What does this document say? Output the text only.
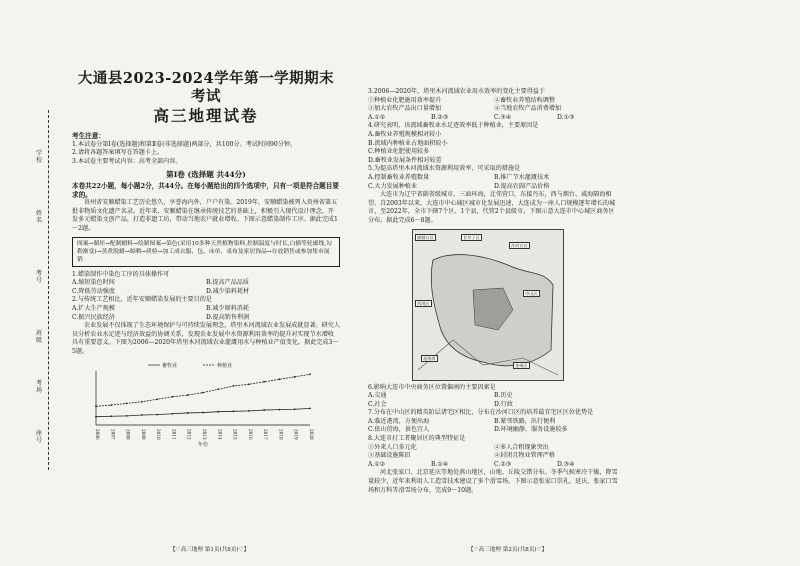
学校
姓名
考号
班级
考场
座号
大通县2023-2024学年第一学期期末考试
高三地理试卷
考生注意：

1.本试卷分第Ⅰ卷(选择题)和第Ⅱ卷(非选择题)两部分，共100分。考试时间90分钟。

2.请将各题答案填写在答题卡上。

3.本试卷主要考试内容：高考全部内容。

第Ⅰ卷 (选择题 共44分)

本卷共22小题，每小题2分，共44分。在每小题给出的四个选项中，只有一项是符合题目要求的。

贵州省安顺蜡染工艺历史悠久，享誉海内外，户户有染。2019年，安顺蜡染被列入贵州省第五批非物质文化遗产名录。近年来，安顺蜡染在继承传统技艺的基础上，积极引入现代设计理念，开发多元蜡染文创产品，打造非遗工坊，带动当地农户就业增收。下图示意蜡染制作工序。据此完成1～2题。

图案→制坯→配制蜡料→绘制图案→染色(采用10多种天然植物染料,控制温度与时长,白描等轮廓线,勾勒渐变)→蒸煮脱蜡→晾晒→质检→加工成衣服、包、床单、桌布及家居饰品→存放销售或参加集市展销

1.蜡染制作中染色工序的具体操作可

A.缩短染色时间	B.提高产品品质
C.降低劳动强度	D.减少染料耗材

2.与传统工艺相比，近年安顺蜡染发展的主要目的是

A.扩大生产规模	B.减少原料消耗
C.振兴民族经济	D.提高销售利润

农业发展不仅体现了生态环境保护与可持续发展理念，塔里木河流域农业发展成就显著。研究人员分析农业水足迹与经济效益的协调关系，发现农业发展中水资源利用效率的提升对实现节水增收具有重要意义。下图为2006—2020年塔里木河流域农业灌溉用水与种植业产值变化。据此完成3～5题。

畜牧业	种植业
2006 2007 2008 2009 2010 2011 2012 2013 2014 2015 2016 2017 2018 2019 2020
年份

3.2006—2020年，塔里木河流域农业用水效率的变化主要得益于

①种植业化肥施用效率提升	②畜牧业养殖结构调整
③加大农牧产品出口量增加	④当地农牧产品消费增加
A.①②	B.②③	C.③④	D.①③

4.研究表明，该流域畜牧业水足迹效率低于种植业，主要原因是

A.畜牧业养殖规模相对较小
B.流域内种植业占地面积较小
C.种植业化肥使用较多
D.畜牧业发展条件相对较差

5.为提高塔里木河流域水资源利用效率，可采取的措施是

A.控制畜牧业养殖数量	B.推广节水灌溉技术
C.大力发展种植业	D.提高农副产品价格

大连市为辽宁省副省级城市，三面环海，北邻营口，东接丹东，西与烟台、威海隔海相望。自2003年以来，大连市中心城区城市化发展迅速，大连成为一座人口规模逐年增长的城市，至2022年，全市下辖7个区、1个县，代管2个县级市。下图示意大连市中心城区商务区分布。据此完成6～8题。

旅顺口区	甘井子区
沙河口区
中山区
西岗区
星海湾
金州区

6.影响大连市中央商务区位置偏南的主要因素是

A.交通	B.历史
C.社会	D.行政

7.分布在中山区的精英阶层诸宅区相比，分布在沙河口区的培养最宜宅区区位优势是

A.临近港湾，方便出海	B.紧邻铁路，出行便利
C.依山傍海，景色宜人	D.环境幽静，服务设施较多

8.大连市打工者聚居区的典型特征是

①外来人口多元化	②多人合租现象突出
③基础设施陈旧	④封闭且物业管理严格
A.①②	B.①④	C.②③	D.③④

河北张家口、北京延庆等地处燕山地区，山地、丘陵交错分布。冬季气候寒冷干燥，降雪量较少，近年来利用人工造雪技术建设了多个滑雪场。下图示意张家口崇礼、延庆、张家口雪场和万科等滑雪场分布，完成9～10题。

【♡高三地理 第1页(共8页)♡】	【♡高三地理 第2页(共8页)♡】
